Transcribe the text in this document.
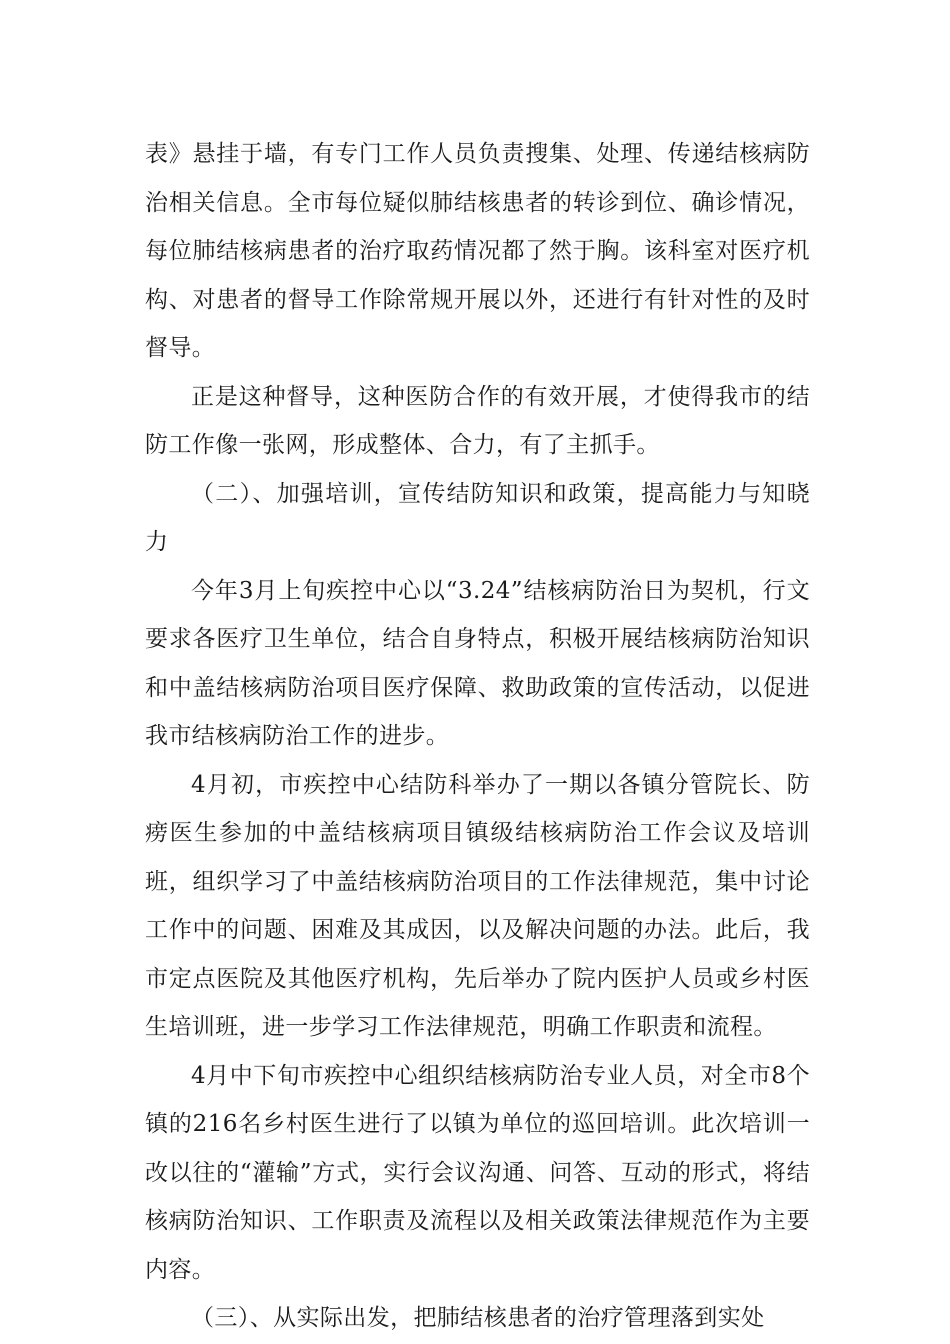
表》悬挂于墙，有专门工作人员负责搜集、处理、传递结核病防治相关信息。全市每位疑似肺结核患者的转诊到位、确诊情况，每位肺结核病患者的治疗取药情况都了然于胸。该科室对医疗机构、对患者的督导工作除常规开展以外，还进行有针对性的及时督导。

正是这种督导，这种医防合作的有效开展，才使得我市的结防工作像一张网，形成整体、合力，有了主抓手。

（二）、加强培训，宣传结防知识和政策，提高能力与知晓力

今年3月上旬疾控中心以“3.24”结核病防治日为契机，行文要求各医疗卫生单位，结合自身特点，积极开展结核病防治知识和中盖结核病防治项目医疗保障、救助政策的宣传活动，以促进我市结核病防治工作的进步。

4月初，市疾控中心结防科举办了一期以各镇分管院长、防痨医生参加的中盖结核病项目镇级结核病防治工作会议及培训班，组织学习了中盖结核病防治项目的工作法律规范，集中讨论工作中的问题、困难及其成因，以及解决问题的办法。此后，我市定点医院及其他医疗机构，先后举办了院内医护人员或乡村医生培训班，进一步学习工作法律规范，明确工作职责和流程。

4月中下旬市疾控中心组织结核病防治专业人员，对全市8个镇的216名乡村医生进行了以镇为单位的巡回培训。此次培训一改以往的“灌输”方式，实行会议沟通、问答、互动的形式，将结核病防治知识、工作职责及流程以及相关政策法律规范作为主要内容。

（三）、从实际出发，把肺结核患者的治疗管理落到实处
